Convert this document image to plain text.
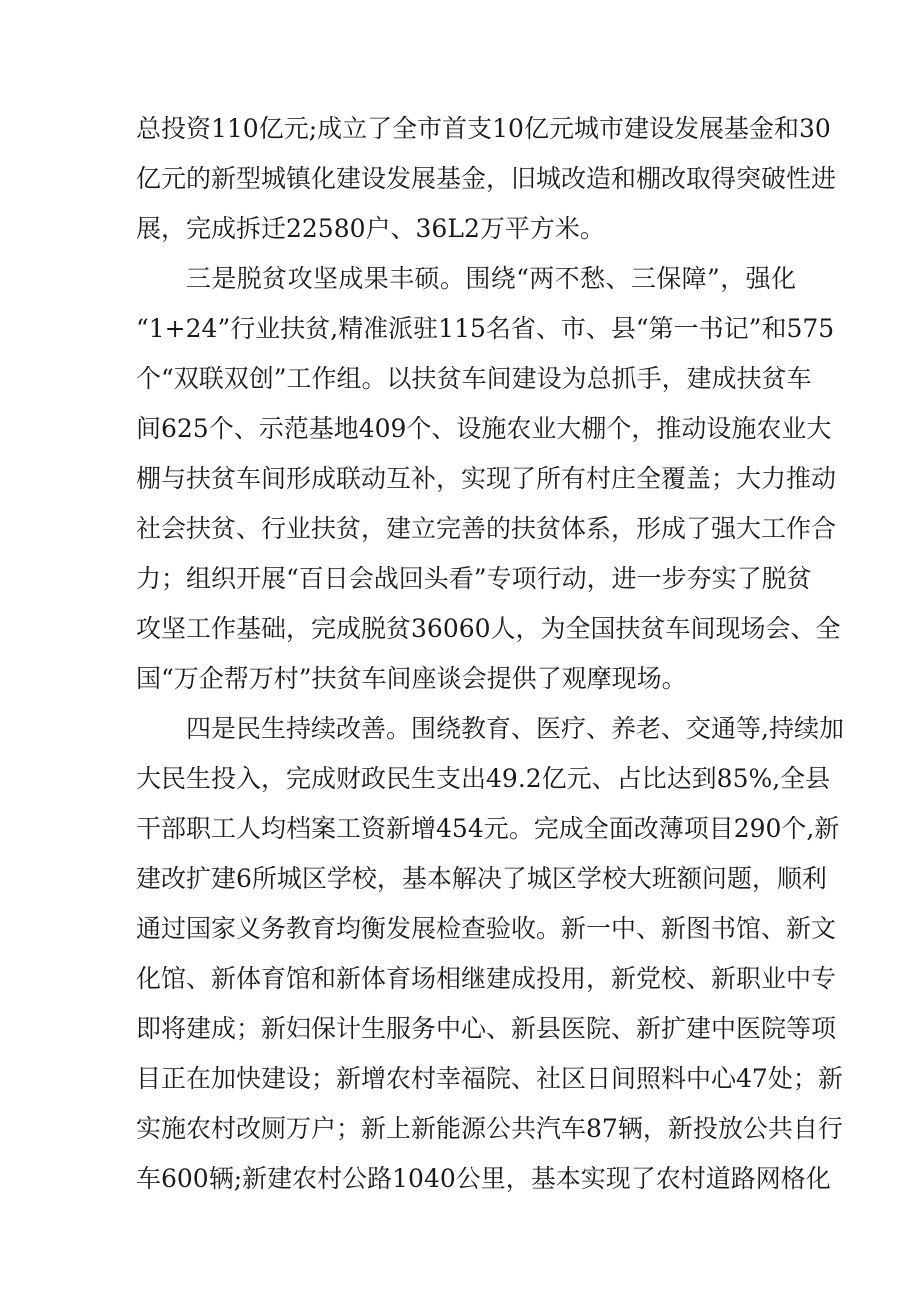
总投资110亿元;成立了全市首支10亿元城市建设发展基金和30
亿元的新型城镇化建设发展基金，旧城改造和棚改取得突破性进
展，完成拆迁22580户、36L2万平方米。
三是脱贫攻坚成果丰硕。围绕“两不愁、三保障”，强化
“1+24”行业扶贫,精准派驻115名省、市、县“第一书记”和575
个“双联双创”工作组。以扶贫车间建设为总抓手，建成扶贫车
间625个、示范基地409个、设施农业大棚个，推动设施农业大
棚与扶贫车间形成联动互补，实现了所有村庄全覆盖；大力推动
社会扶贫、行业扶贫，建立完善的扶贫体系，形成了强大工作合
力；组织开展“百日会战回头看”专项行动，进一步夯实了脱贫
攻坚工作基础，完成脱贫36060人，为全国扶贫车间现场会、全
国“万企帮万村”扶贫车间座谈会提供了观摩现场。
四是民生持续改善。围绕教育、医疗、养老、交通等,持续加
大民生投入，完成财政民生支出49.2亿元、占比达到85%,全县
干部职工人均档案工资新增454元。完成全面改薄项目290个,新
建改扩建6所城区学校，基本解决了城区学校大班额问题，顺利
通过国家义务教育均衡发展检查验收。新一中、新图书馆、新文
化馆、新体育馆和新体育场相继建成投用，新党校、新职业中专
即将建成；新妇保计生服务中心、新县医院、新扩建中医院等项
目正在加快建设；新增农村幸福院、社区日间照料中心47处；新
实施农村改厕万户；新上新能源公共汽车87辆，新投放公共自行
车600辆;新建农村公路1040公里，基本实现了农村道路网格化
